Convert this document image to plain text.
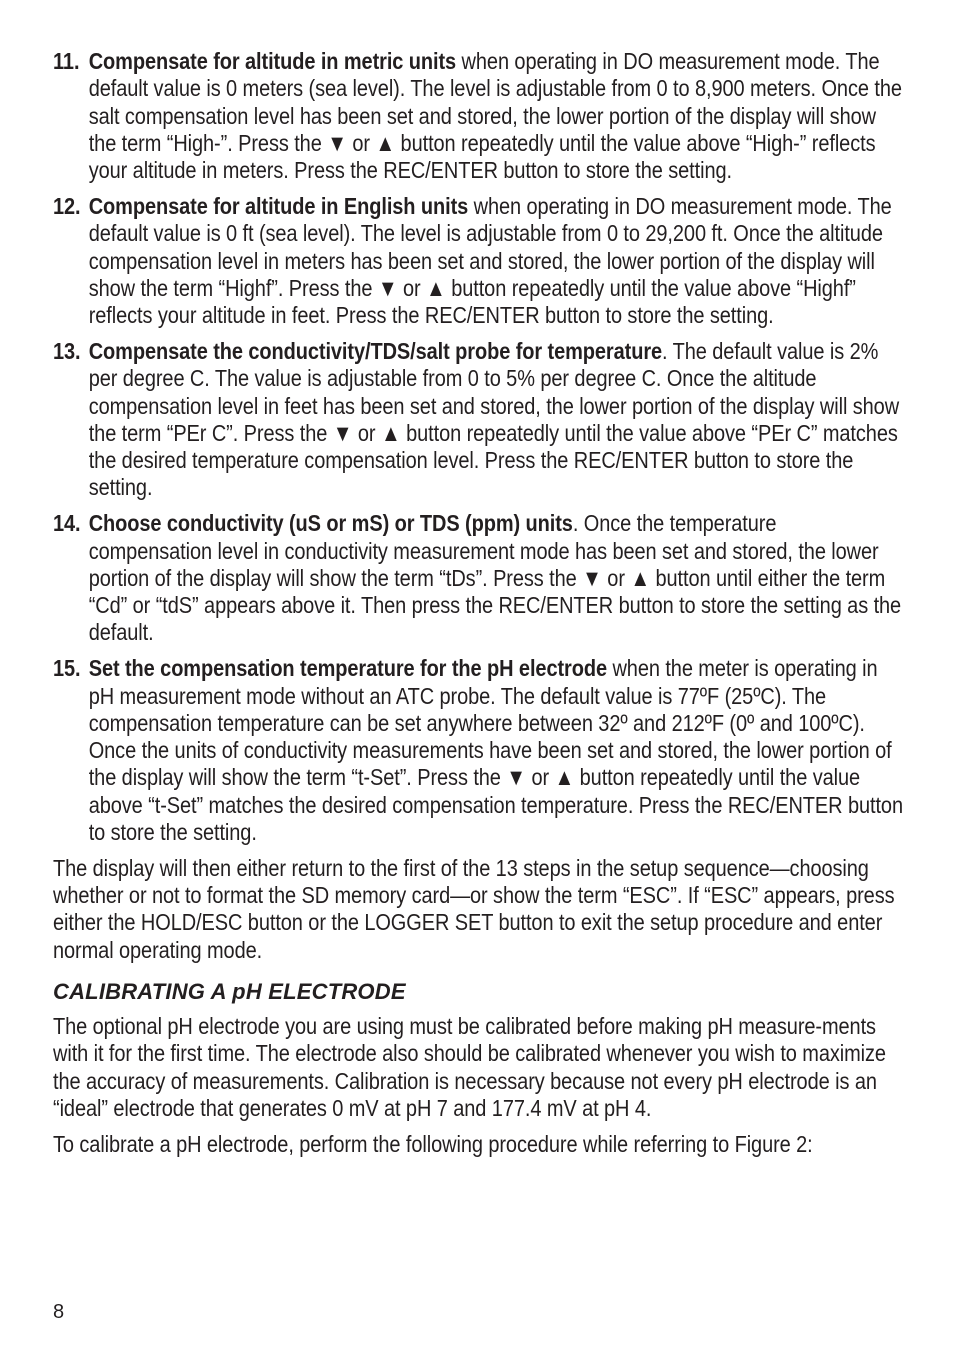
11. Compensate for altitude in metric units when operating in DO measurement mode. The default value is 0 meters (sea level). The level is adjustable from 0 to 8,900 meters. Once the salt compensation level has been set and stored, the lower portion of the display will show the term “High-”. Press the ▼ or ▲ button repeatedly until the value above “High-” reflects your altitude in meters. Press the REC/ENTER button to store the setting.
12. Compensate for altitude in English units when operating in DO measurement mode. The default value is 0 ft (sea level). The level is adjustable from 0 to 29,200 ft. Once the altitude compensation level in meters has been set and stored, the lower portion of the display will show the term “Highf”. Press the ▼ or ▲ button repeatedly until the value above “Highf” reflects your altitude in feet. Press the REC/ENTER button to store the setting.
13. Compensate the conductivity/TDS/salt probe for temperature. The default value is 2% per degree C. The value is adjustable from 0 to 5% per degree C. Once the altitude compensation level in feet has been set and stored, the lower portion of the display will show the term “PEr C”. Press the ▼ or ▲ button repeatedly until the value above “PEr C” matches the desired temperature compensation level. Press the REC/ENTER button to store the setting.
14. Choose conductivity (uS or mS) or TDS (ppm) units. Once the temperature compensation level in conductivity measurement mode has been set and stored, the lower portion of the display will show the term “tDs”. Press the ▼ or ▲ button until either the term “Cd” or “tdS” appears above it. Then press the REC/ENTER button to store the setting as the default.
15. Set the compensation temperature for the pH electrode when the meter is operating in pH measurement mode without an ATC probe. The default value is 77ºF (25ºC). The compensation temperature can be set anywhere between 32º and 212ºF (0º and 100ºC). Once the units of conductivity measurements have been set and stored, the lower portion of the display will show the term “t-Set”. Press the ▼ or ▲ button repeatedly until the value above “t-Set” matches the desired compensation temperature. Press the REC/ENTER button to store the setting.

The display will then either return to the first of the 13 steps in the setup sequence—choosing whether or not to format the SD memory card—or show the term “ESC”. If “ESC” appears, press either the HOLD/ESC button or the LOGGER SET button to exit the setup procedure and enter normal operating mode.

CALIBRATING A pH ELECTRODE

The optional pH electrode you are using must be calibrated before making pH measure-ments with it for the first time. The electrode also should be calibrated whenever you wish to maximize the accuracy of measurements. Calibration is necessary because not every pH electrode is an “ideal” electrode that generates 0 mV at pH 7 and 177.4 mV at pH 4.

To calibrate a pH electrode, perform the following procedure while referring to Figure 2:

8
